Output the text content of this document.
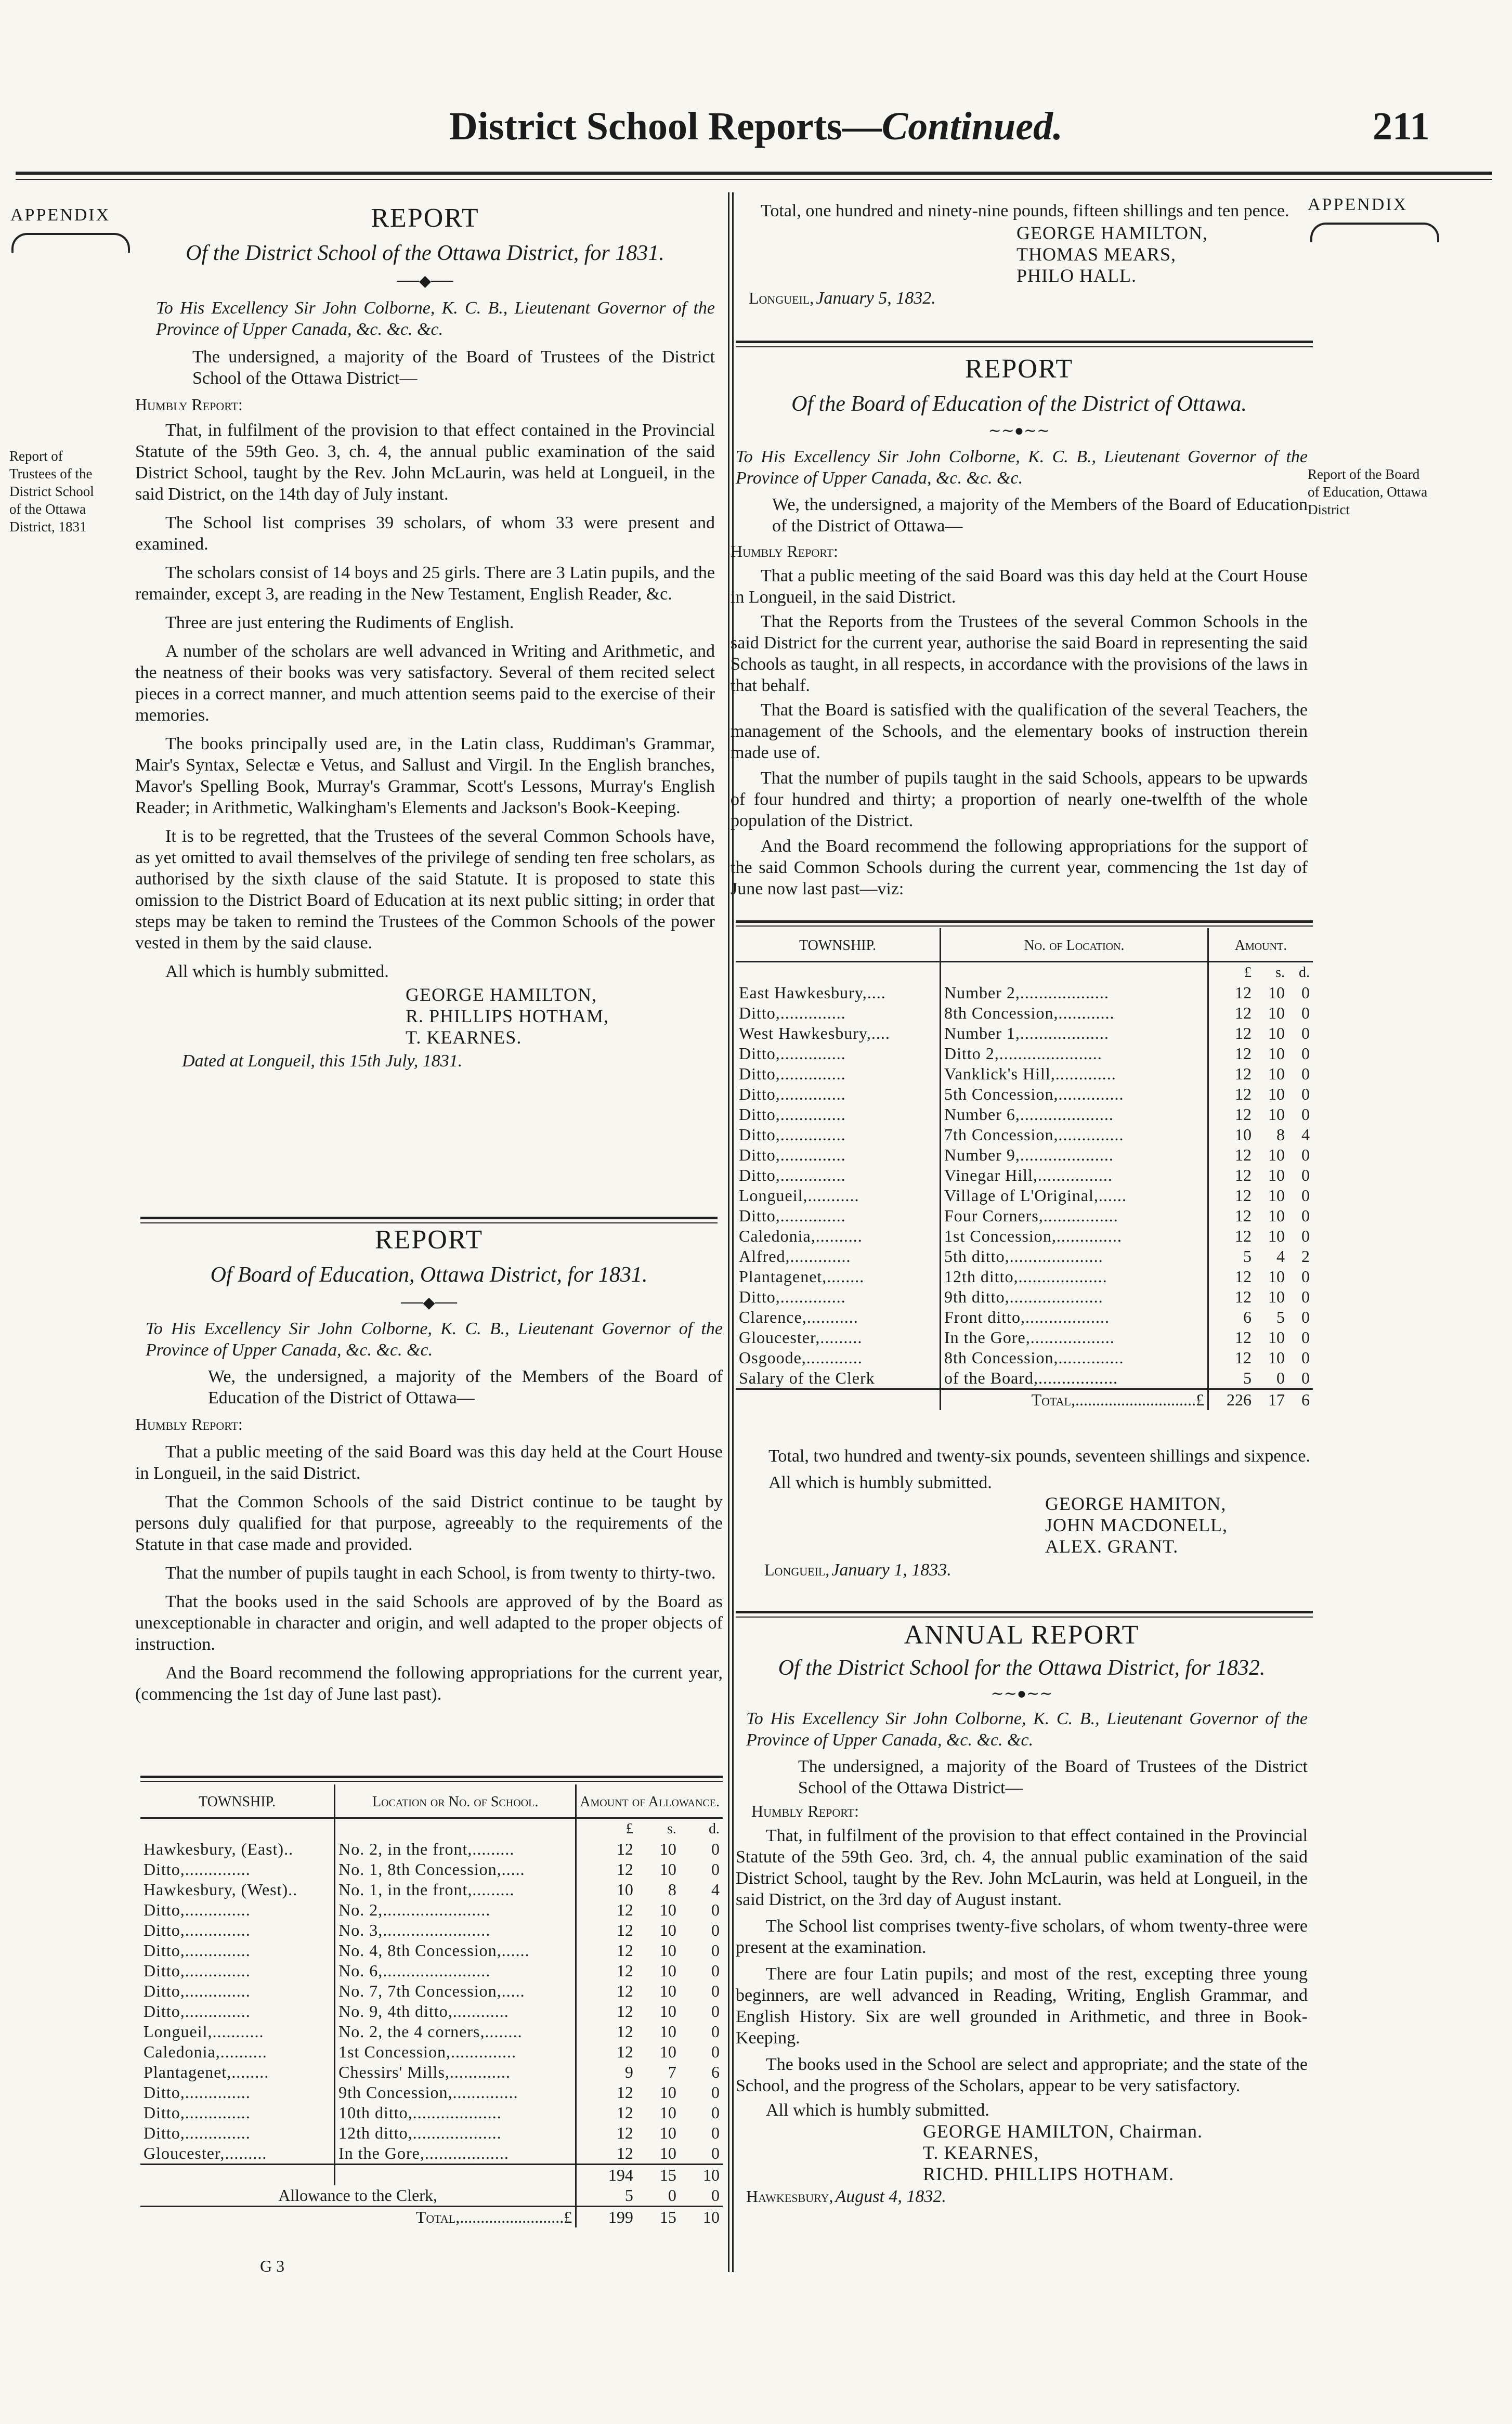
District School Reports—Continued.	211
APPENDIX
Report of Trustees of the District School of the Ottawa District, 1831
REPORT
Of the District School of the Ottawa District, for 1831.
──◆──

To His Excellency Sir John Colborne, K. C. B., Lieutenant Governor of the Province of Upper Canada, &c. &c. &c.

The undersigned, a majority of the Board of Trustees of the District School of the Ottawa District—

Humbly Report:

That, in fulfilment of the provision to that effect contained in the Provincial Statute of the 59th Geo. 3, ch. 4, the annual public examination of the said District School, taught by the Rev. John McLaurin, was held at Longueil, in the said District, on the 14th day of July instant.

The School list comprises 39 scholars, of whom 33 were present and examined.

The scholars consist of 14 boys and 25 girls. There are 3 Latin pupils, and the remainder, except 3, are reading in the New Testament, English Reader, &c.

Three are just entering the Rudiments of English.

A number of the scholars are well advanced in Writing and Arithmetic, and the neatness of their books was very satisfactory. Several of them recited select pieces in a correct manner, and much attention seems paid to the exercise of their memories.

The books principally used are, in the Latin class, Ruddiman's Grammar, Mair's Syntax, Selectæ e Vetus, and Sallust and Virgil. In the English branches, Mavor's Spelling Book, Murray's Grammar, Scott's Lessons, Murray's English Reader; in Arithmetic, Walkingham's Elements and Jackson's Book-Keeping.

It is to be regretted, that the Trustees of the several Common Schools have, as yet omitted to avail themselves of the privilege of sending ten free scholars, as authorised by the sixth clause of the said Statute. It is proposed to state this omission to the District Board of Education at its next public sitting; in order that steps may be taken to remind the Trustees of the Common Schools of the power vested in them by the said clause.

All which is humbly submitted.

GEORGE HAMILTON,
R. PHILLIPS HOTHAM,
T. KEARNES.
Dated at Longueil, this 15th July, 1831.
REPORT
Of Board of Education, Ottawa District, for 1831.
──◆──

To His Excellency Sir John Colborne, K. C. B., Lieutenant Governor of the Province of Upper Canada, &c. &c. &c.

We, the undersigned, a majority of the Members of the Board of Education of the District of Ottawa—

Humbly Report:

That a public meeting of the said Board was this day held at the Court House in Longueil, in the said District.

That the Common Schools of the said District continue to be taught by persons duly qualified for that purpose, agreeably to the requirements of the Statute in that case made and provided.

That the number of pupils taught in each School, is from twenty to thirty-two.

That the books used in the said Schools are approved of by the Board as unexceptionable in character and origin, and well adapted to the proper objects of instruction.

And the Board recommend the following appropriations for the current year, (commencing the 1st day of June last past).

TOWNSHIP.	Location or No. of School.	Amount of Allowance.		
		£	s.	d.
Hawkesbury, (East)..	No. 2, in the front,.........	12	10	0
Ditto,..............	No. 1, 8th Concession,.....	12	10	0
Hawkesbury, (West)..	No. 1, in the front,.........	10	8	4
Ditto,..............	No. 2,.......................	12	10	0
Ditto,..............	No. 3,.......................	12	10	0
Ditto,..............	No. 4, 8th Concession,......	12	10	0
Ditto,..............	No. 6,.......................	12	10	0
Ditto,..............	No. 7, 7th Concession,.....	12	10	0
Ditto,..............	No. 9, 4th ditto,............	12	10	0
Longueil,...........	No. 2, the 4 corners,........	12	10	0
Caledonia,..........	1st Concession,..............	12	10	0
Plantagenet,........	Chessirs' Mills,.............	9	7	6
Ditto,..............	9th Concession,..............	12	10	0
Ditto,..............	10th ditto,...................	12	10	0
Ditto,..............	12th ditto,...................	12	10	0
Gloucester,.........	In the Gore,..................	12	10	0
		194	15	10
Allowance to the Clerk,		5	0	0
Total,.........................£		199	15	10
G 3
APPENDIX
Report of the Board of Education, Ottawa District

Total, one hundred and ninety-nine pounds, fifteen shillings and ten pence.

GEORGE HAMILTON,
THOMAS MEARS,
PHILO HALL.
Longueil, January 5, 1832.
REPORT
Of the Board of Education of the District of Ottawa.
∼∼●∼∼

To His Excellency Sir John Colborne, K. C. B., Lieutenant Governor of the Province of Upper Canada, &c. &c. &c.

We, the undersigned, a majority of the Members of the Board of Education of the District of Ottawa—

Humbly Report:

That a public meeting of the said Board was this day held at the Court House in Longueil, in the said District.

That the Reports from the Trustees of the several Common Schools in the said District for the current year, authorise the said Board in representing the said Schools as taught, in all respects, in accordance with the provisions of the laws in that behalf.

That the Board is satisfied with the qualification of the several Teachers, the management of the Schools, and the elementary books of instruction therein made use of.

That the number of pupils taught in the said Schools, appears to be upwards of four hundred and thirty; a proportion of nearly one-twelfth of the whole population of the District.

And the Board recommend the following appropriations for the support of the said Common Schools during the current year, commencing the 1st day of June now last past—viz:

TOWNSHIP.	No. of Location.	Amount.		
		£	s.	d.
East Hawkesbury,....	Number 2,...................	12	10	0
Ditto,..............	8th Concession,............	12	10	0
West Hawkesbury,....	Number 1,...................	12	10	0
Ditto,..............	Ditto 2,......................	12	10	0
Ditto,..............	Vanklick's Hill,.............	12	10	0
Ditto,..............	5th Concession,..............	12	10	0
Ditto,..............	Number 6,....................	12	10	0
Ditto,..............	7th Concession,..............	10	8	4
Ditto,..............	Number 9,....................	12	10	0
Ditto,..............	Vinegar Hill,................	12	10	0
Longueil,...........	Village of L'Original,......	12	10	0
Ditto,..............	Four Corners,................	12	10	0
Caledonia,..........	1st Concession,..............	12	10	0
Alfred,.............	5th ditto,....................	5	4	2
Plantagenet,........	12th ditto,...................	12	10	0
Ditto,..............	9th ditto,....................	12	10	0
Clarence,...........	Front ditto,..................	6	5	0
Gloucester,.........	In the Gore,..................	12	10	0
Osgoode,............	8th Concession,..............	12	10	0
Salary of the Clerk	of the Board,.................	5	0	0
	Total,.............................£	226	17	6

Total, two hundred and twenty-six pounds, seventeen shillings and sixpence.

All which is humbly submitted.

GEORGE HAMITON,
JOHN MACDONELL,
ALEX. GRANT.
Longueil, January 1, 1833.
ANNUAL REPORT
Of the District School for the Ottawa District, for 1832.
∼∼●∼∼

To His Excellency Sir John Colborne, K. C. B., Lieutenant Governor of the Province of Upper Canada, &c. &c. &c.

The undersigned, a majority of the Board of Trustees of the District School of the Ottawa District—

Humbly Report:

That, in fulfilment of the provision to that effect contained in the Provincial Statute of the 59th Geo. 3rd, ch. 4, the annual public examination of the said District School, taught by the Rev. John McLaurin, was held at Longueil, in the said District, on the 3rd day of August instant.

The School list comprises twenty-five scholars, of whom twenty-three were present at the examination.

There are four Latin pupils; and most of the rest, excepting three young beginners, are well advanced in Reading, Writing, English Grammar, and English History. Six are well grounded in Arithmetic, and three in Book-Keeping.

The books used in the School are select and appropriate; and the state of the School, and the progress of the Scholars, appear to be very satisfactory.

All which is humbly submitted.

GEORGE HAMILTON, Chairman.
T. KEARNES,
RICHD. PHILLIPS HOTHAM.
Hawkesbury, August 4, 1832.
